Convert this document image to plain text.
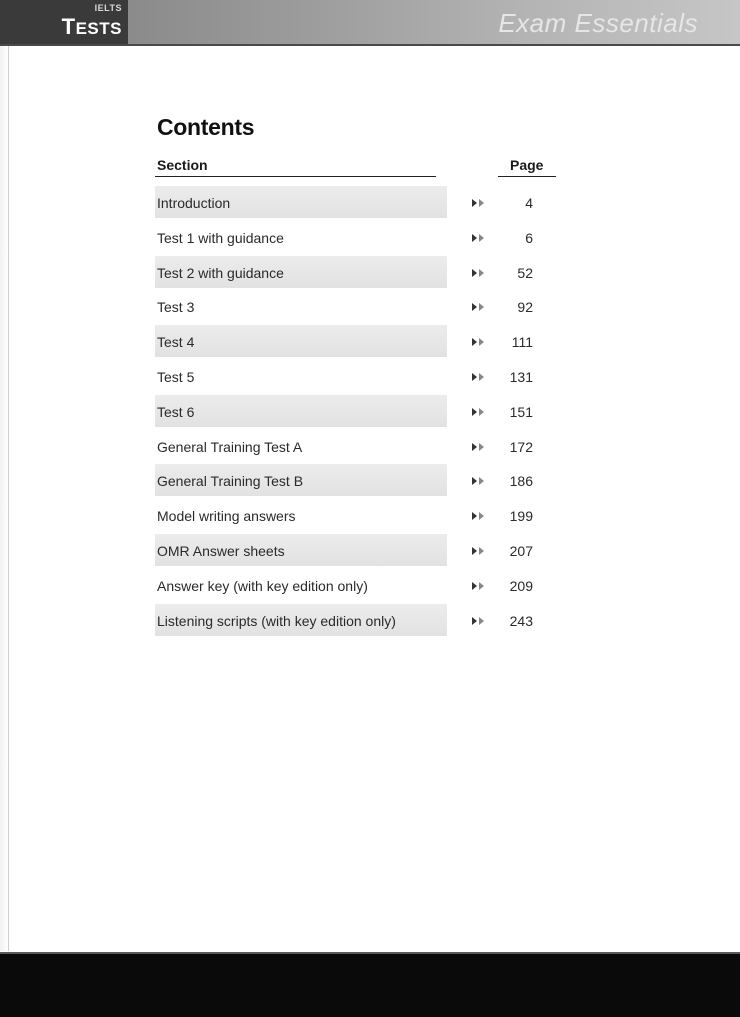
IELTS
TESTS	Exam Essentials
Contents
Section	Page
Introduction	4
Test 1 with guidance	6
Test 2 with guidance	52
Test 3	92
Test 4	111
Test 5	131
Test 6	151
General Training Test A	172
General Training Test B	186
Model writing answers	199
OMR Answer sheets	207
Answer key (with key edition only)	209
Listening scripts (with key edition only)	243
